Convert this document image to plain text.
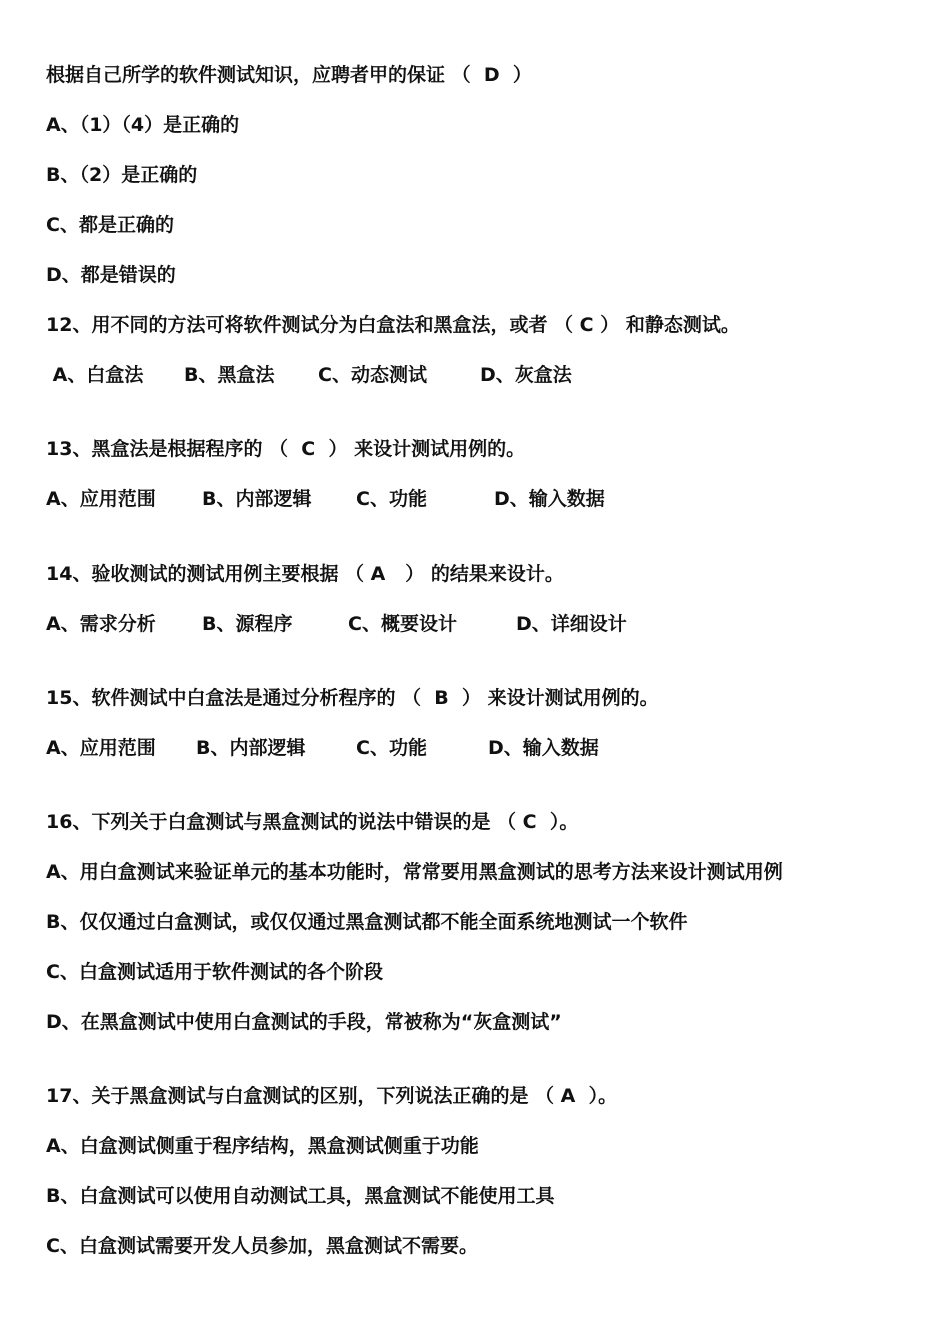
根据自己所学的软件测试知识，应聘者甲的保证 （  D  ）
A、（1）（4）是正确的
B、（2）是正确的
C、都是正确的
D、都是错误的
12、用不同的方法可将软件测试分为白盒法和黑盒法，或者 （ C ） 和静态测试。
A、白盒法	B、黑盒法	C、动态测试	D、灰盒法
13、黑盒法是根据程序的 （  C  ） 来设计测试用例的。
A、应用范围	B、内部逻辑	C、功能	D、输入数据
14、验收测试的测试用例主要根据 （ A   ） 的结果来设计。
A、需求分析	B、源程序	C、概要设计	D、详细设计
15、软件测试中白盒法是通过分析程序的 （  B  ） 来设计测试用例的。
A、应用范围	B、内部逻辑	C、功能	D、输入数据
16、下列关于白盒测试与黑盒测试的说法中错误的是 （ C  ）。
A、用白盒测试来验证单元的基本功能时，常常要用黑盒测试的思考方法来设计测试用例
B、仅仅通过白盒测试，或仅仅通过黑盒测试都不能全面系统地测试一个软件
C、白盒测试适用于软件测试的各个阶段
D、在黑盒测试中使用白盒测试的手段，常被称为“灰盒测试”
17、关于黑盒测试与白盒测试的区别，下列说法正确的是 （ A  ）。
A、白盒测试侧重于程序结构，黑盒测试侧重于功能
B、白盒测试可以使用自动测试工具，黑盒测试不能使用工具
C、白盒测试需要开发人员参加，黑盒测试不需要。
